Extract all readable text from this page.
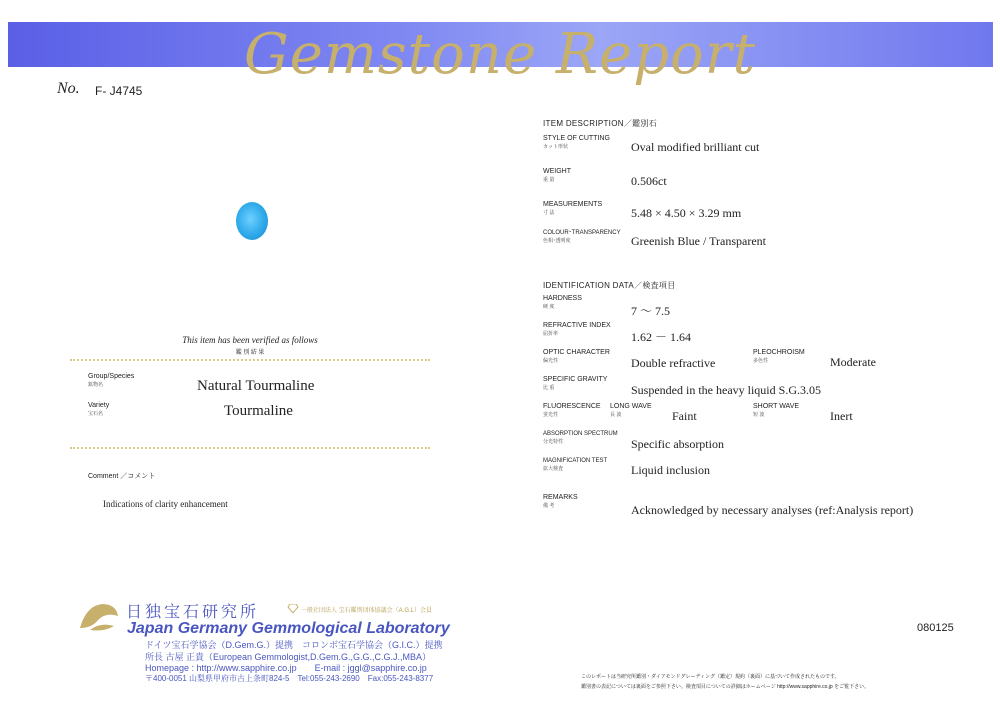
Gemstone Report
No. F- J4745
This item has been verified as follows
鑑 別 結 果
Group/Species
鉱物名	Natural Tourmaline
Variety
宝石名	Tourmaline
Comment ／コメント
Indications of clarity enhancement
ITEM DESCRIPTION／鑑別石
STYLE OF CUTTING
カット形状	Oval modified brilliant cut
WEIGHT
重 量	0.506ct
MEASUREMENTS
寸 法	5.48 × 4.50 × 3.29 mm
COLOUR･TRANSPARENCY
色相･透明度	Greenish Blue / Transparent
IDENTIFICATION DATA／検査項目
HARDNESS
硬 度	7 ～ 7.5
REFRACTIVE INDEX
屈折率	1.62 － 1.64
OPTIC CHARACTER
偏光性	Double refractive
PLEOCHROISM
多色性	Moderate
SPECIFIC GRAVITY
比 重	Suspended in the heavy liquid S.G.3.05
FLUORESCENCE
蛍光性
LONG WAVE
長 波	Faint
SHORT WAVE
短 波	Inert
ABSORPTION SPECTRUM
分光特性	Specific absorption
MAGNIFICATION TEST
拡大検査	Liquid inclusion
REMARKS
備 考	Acknowledged by necessary analyses (ref:Analysis report)
日独宝石研究所	一般社団法人 宝石鑑別団体協議会（A.G.L）会員
Japan Germany Gemmological Laboratory
ドイツ宝石学協会（D.Gem.G.）提携　コロンボ宝石学協会（G.I.C.）提携
所長 古屋 正貴（European Gemmologist,D.Gem.G.,G.G.,C.G.J.,MBA）
Homepage : http://www.sapphire.co.jp　　E-mail : jggl@sapphire.co.jp
〒400-0051 山梨県甲府市古上条町824-5　Tel:055-243-2690　Fax:055-243-8377
080125
このレポートは当研究所鑑別・ダイアモンドグレーディング（鑑定）規約（裏面）に基づいて作成されたものです。
鑑別書の表記については裏面をご参照下さい。検査項目についての詳細はホームページ http://www.sapphire.co.jp をご覧下さい。
